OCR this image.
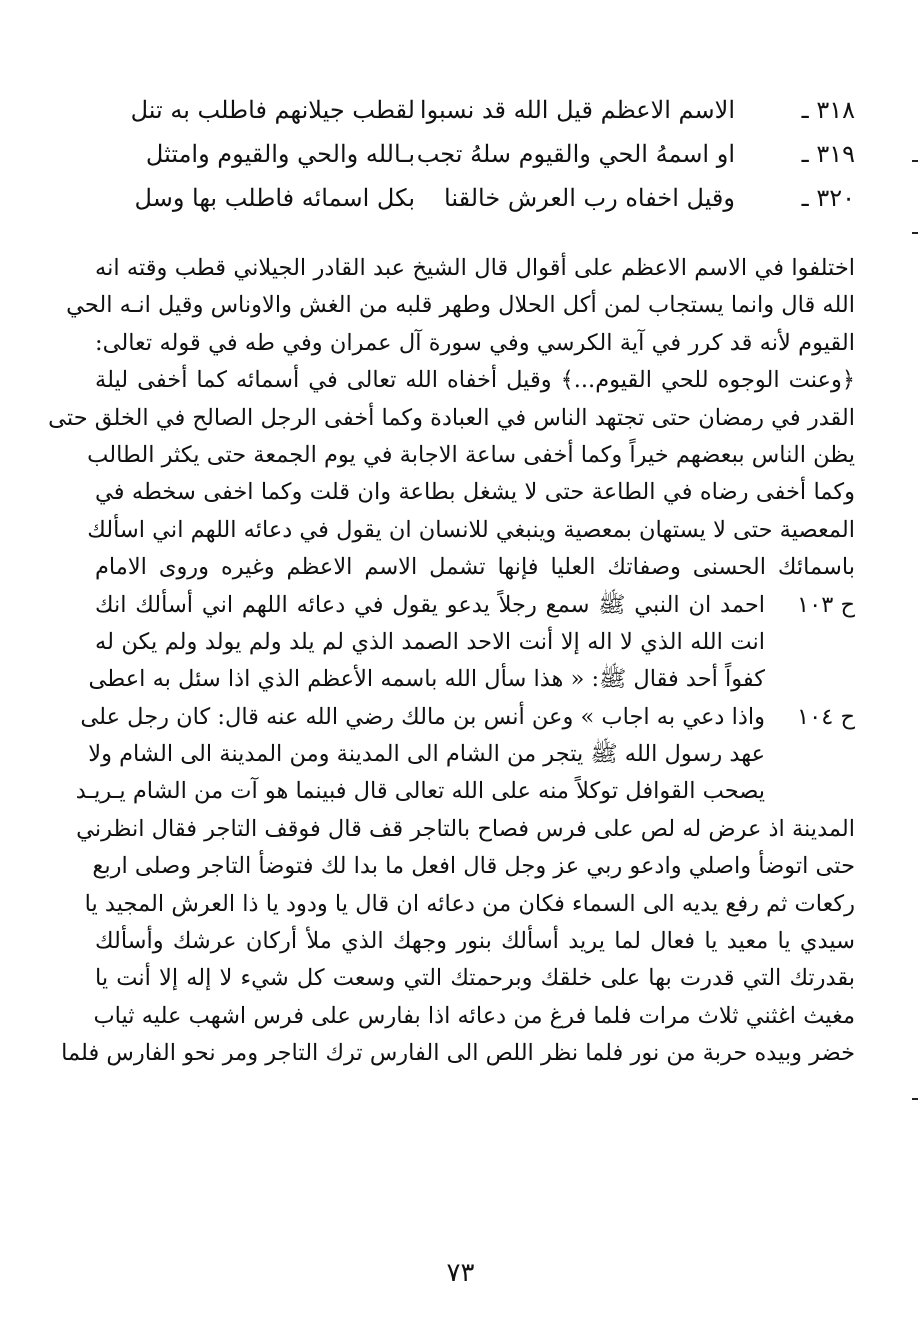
٣١٨ ـ
الاسم الاعظم قيل الله قد نسبوا
لقطب جيلانهم فاطلب به تنل
٣١٩ ـ
او اسمهُ الحي والقيوم سلهُ تجب
بـالله والحي والقيوم وامتثل
٣٢٠ ـ
وقيل اخفاه رب العرش خالقنا
بكل اسمائه فاطلب بها وسل
اختلفوا في الاسم الاعظم على أقوال قال الشيخ عبد القادر الجيلاني قطب وقته انه
الله قال وانما يستجاب لمن أكل الحلال وطهر قلبه من الغش والاوناس وقيل انـه الحي
القيوم لأنه قد كرر في آية الكرسي وفي سورة آل عمران وفي طه في قوله تعالى:
﴿وعنت الوجوه للحي القيوم...﴾ وقيل أخفاه الله تعالى في أسمائه كما أخفى ليلة
القدر في رمضان حتى تجتهد الناس في العبادة وكما أخفى الرجل الصالح في الخلق حتى
يظن الناس ببعضهم خيراً وكما أخفى ساعة الاجابة في يوم الجمعة حتى يكثر الطالب
وكما أخفى رضاه في الطاعة حتى لا يشغل بطاعة وان قلت وكما اخفى سخطه في
المعصية حتى لا يستهان بمعصية وينبغي للانسان ان يقول في دعائه اللهم اني اسألك
باسمائك الحسنى وصفاتك العليا فإنها تشمل الاسم الاعظم وغيره وروى الامام
ح ١٠٣
احمد ان النبي ﷺ سمع رجلاً يدعو يقول في دعائه اللهم اني أسألك انك
انت الله الذي لا اله إلا أنت الاحد الصمد الذي لم يلد ولم يولد ولم يكن له
كفواً أحد فقال ﷺ: « هذا سأل الله باسمه الأعظم الذي اذا سئل به اعطى
ح ١٠٤
واذا دعي به اجاب » وعن أنس بن مالك رضي الله عنه قال: كان رجل على
عهد رسول الله ﷺ يتجر من الشام الى المدينة ومن المدينة الى الشام ولا
يصحب القوافل توكلاً منه على الله تعالى قال فبينما هو آت من الشام يـريـد
المدينة اذ عرض له لص على فرس فصاح بالتاجر قف قال فوقف التاجر فقال انظرني
حتى اتوضأ واصلي وادعو ربي عز وجل قال افعل ما بدا لك فتوضأ التاجر وصلى اربع
ركعات ثم رفع يديه الى السماء فكان من دعائه ان قال يا ودود يا ذا العرش المجيد يا
سيدي يا معيد يا فعال لما يريد أسألك بنور وجهك الذي ملأ أركان عرشك وأسألك
بقدرتك التي قدرت بها على خلقك وبرحمتك التي وسعت كل شيء لا إله إلا أنت يا
مغيث اغثني ثلاث مرات فلما فرغ من دعائه اذا بفارس على فرس اشهب عليه ثياب
خضر وبيده حربة من نور فلما نظر اللص الى الفارس ترك التاجر ومر نحو الفارس فلما
٧٣
